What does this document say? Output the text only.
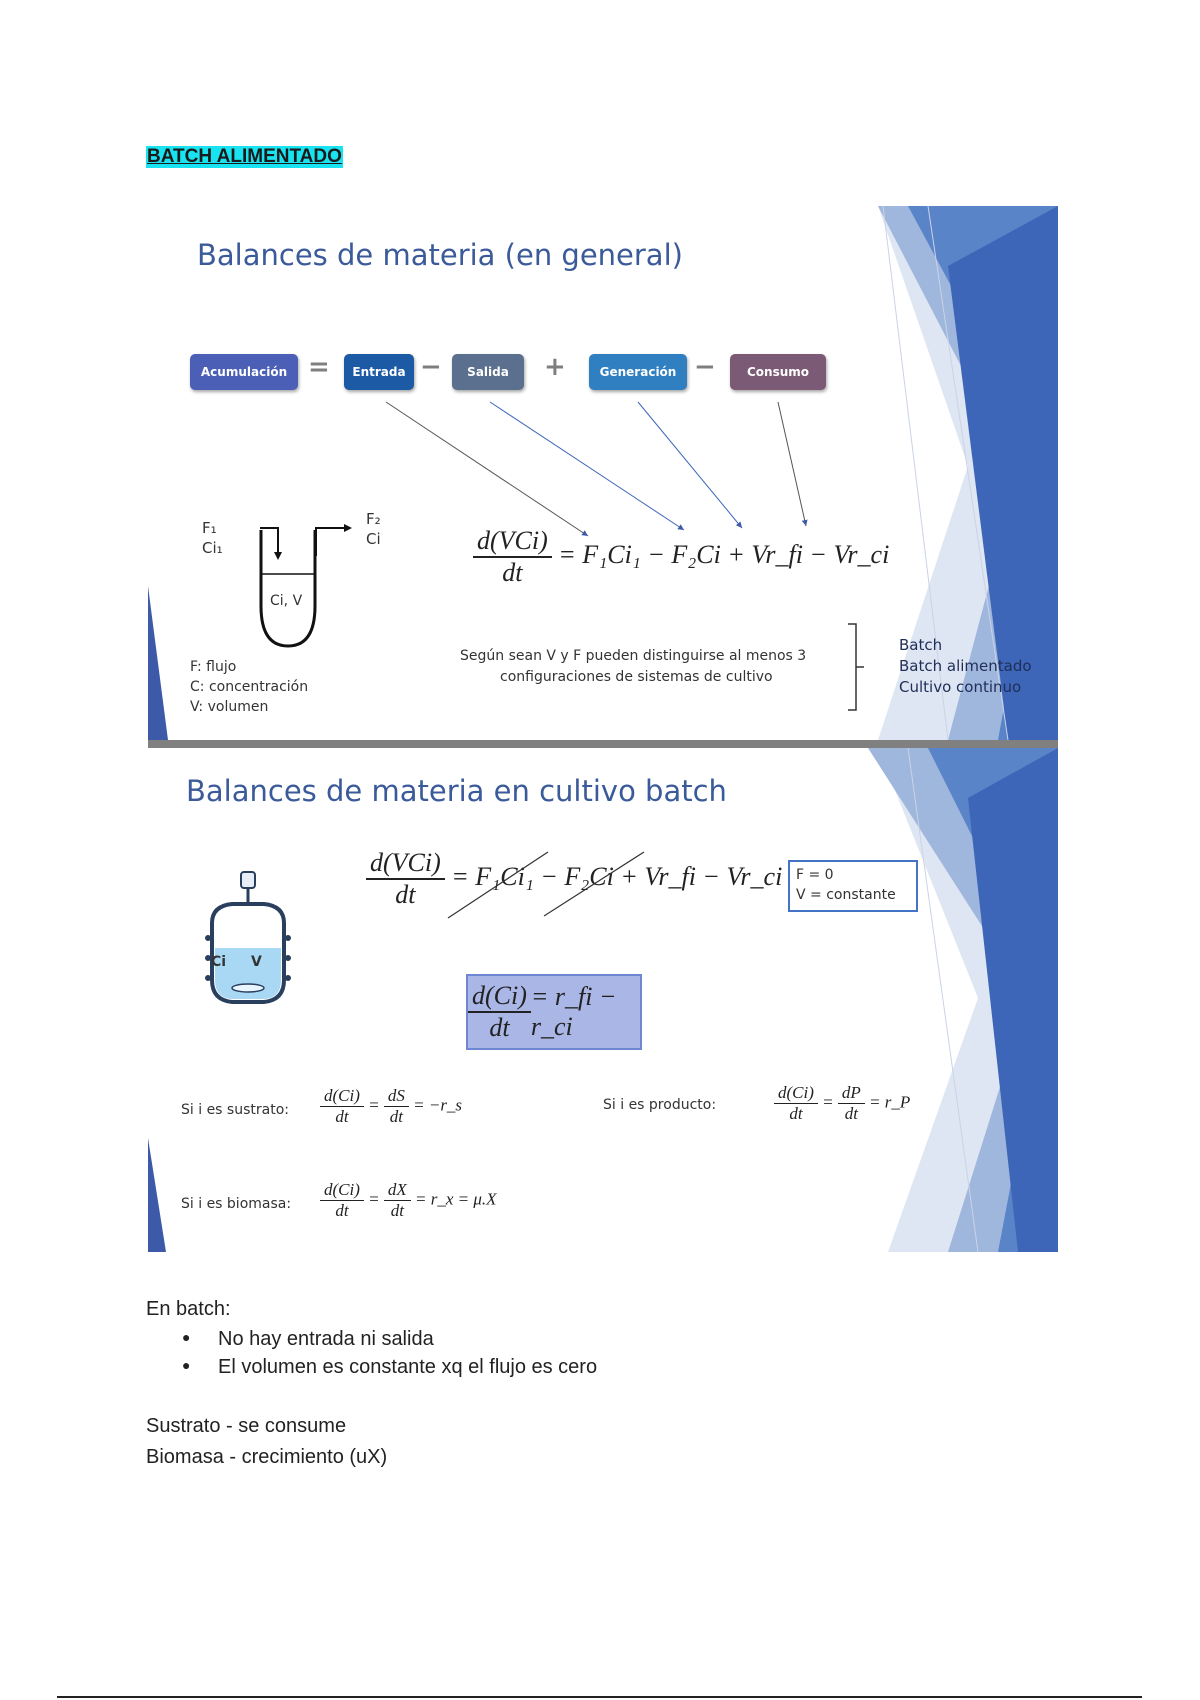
BATCH ALIMENTADO
Balances de materia (en general)
Acumulación =	Entrada −	Salida	+	Generación −	Consumo
F₁
Ci₁
F₂
Ci
Ci, V
F: flujo
C: concentración
V: volumen
$\frac{\text{d(VCi)}}{dt} = F_1Ci_1 - F_2Ci$ + Vr_fi − Vr_ci
Según sean V y F pueden distinguirse al menos 3
configuraciones de sistemas de cultivo
Batch
Batch alimentado
Cultivo continuo
Balances de materia en cultivo batch
Ci V
$\frac{\text{d(VCi)}}{dt} = F_1Ci_1 - F_2Ci$ + Vr_fi − Vr_ci F = 0
V = constante
$\frac{d(Ci)}{dt}$ = r_fi − r_ci
Si i es sustrato: $\frac{d(Ci)}{dt} = \frac{dS}{dt}$ = −r_s	Si i es producto:	$\frac{d(Ci)}{dt} = \frac{dP}{dt}$ = r_P
Si i es biomasa: $\frac{d(Ci)}{dt} = \frac{dX}{dt}$ = r_x = μ.X
En batch:
● No hay entrada ni salida
● El volumen es constante xq el flujo es cero
Sustrato - se consume
Biomasa - crecimiento (uX)
